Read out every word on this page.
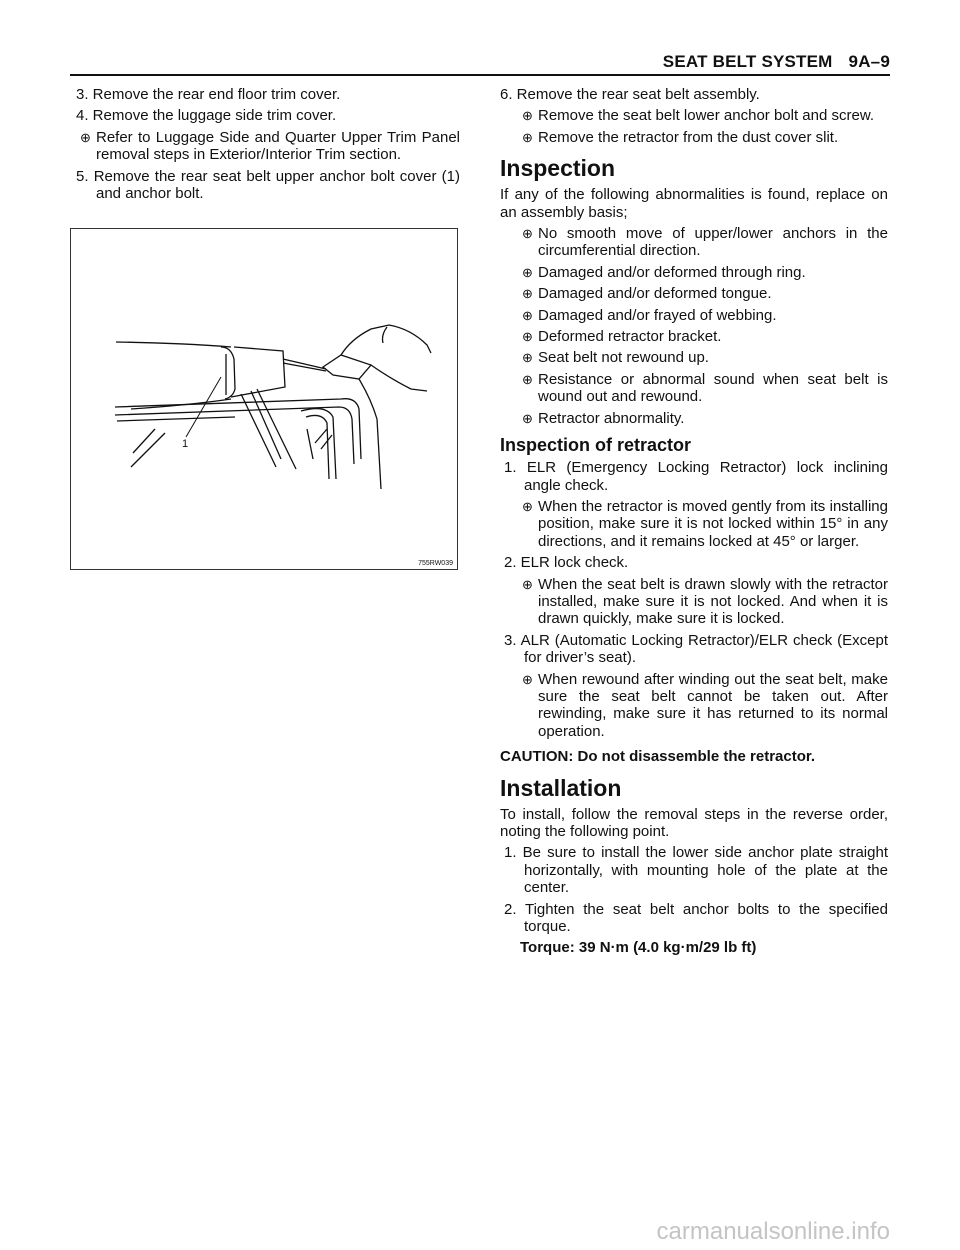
SEAT BELT SYSTEM 9A–9

3. Remove the rear end floor trim cover.

4. Remove the luggage side trim cover.

⊕ Refer to Luggage Side and Quarter Upper Trim Panel removal steps in Exterior/Interior Trim section.

5. Remove the rear seat belt upper anchor bolt cover (1) and anchor bolt.

1
755RW039

6. Remove the rear seat belt assembly.

⊕ Remove the seat belt lower anchor bolt and screw.

⊕ Remove the retractor from the dust cover slit.

Inspection

If any of the following abnormalities is found, replace on an assembly basis;

⊕ No smooth move of upper/lower anchors in the circumferential direction.

⊕ Damaged and/or deformed through ring.

⊕ Damaged and/or deformed tongue.

⊕ Damaged and/or frayed of webbing.

⊕ Deformed retractor bracket.

⊕ Seat belt not rewound up.

⊕ Resistance or abnormal sound when seat belt is wound out and rewound.

⊕ Retractor abnormality.

Inspection of retractor

1. ELR (Emergency Locking Retractor) lock inclining angle check.

⊕ When the retractor is moved gently from its installing position, make sure it is not locked within 15° in any directions, and it remains locked at 45° or larger.

2. ELR lock check.

⊕ When the seat belt is drawn slowly with the retractor installed, make sure it is not locked. And when it is drawn quickly, make sure it is locked.

3. ALR (Automatic Locking Retractor)/ELR check (Except for driver’s seat).

⊕ When rewound after winding out the seat belt, make sure the seat belt cannot be taken out. After rewinding, make sure it has returned to its normal operation.

CAUTION: Do not disassemble the retractor.

Installation

To install, follow the removal steps in the reverse order, noting the following point.

1. Be sure to install the lower side anchor plate straight horizontally, with mounting hole of the plate at the center.

2. Tighten the seat belt anchor bolts to the specified torque.

Torque: 39 N·m (4.0 kg·m/29 lb ft)

carmanualsonline.info
